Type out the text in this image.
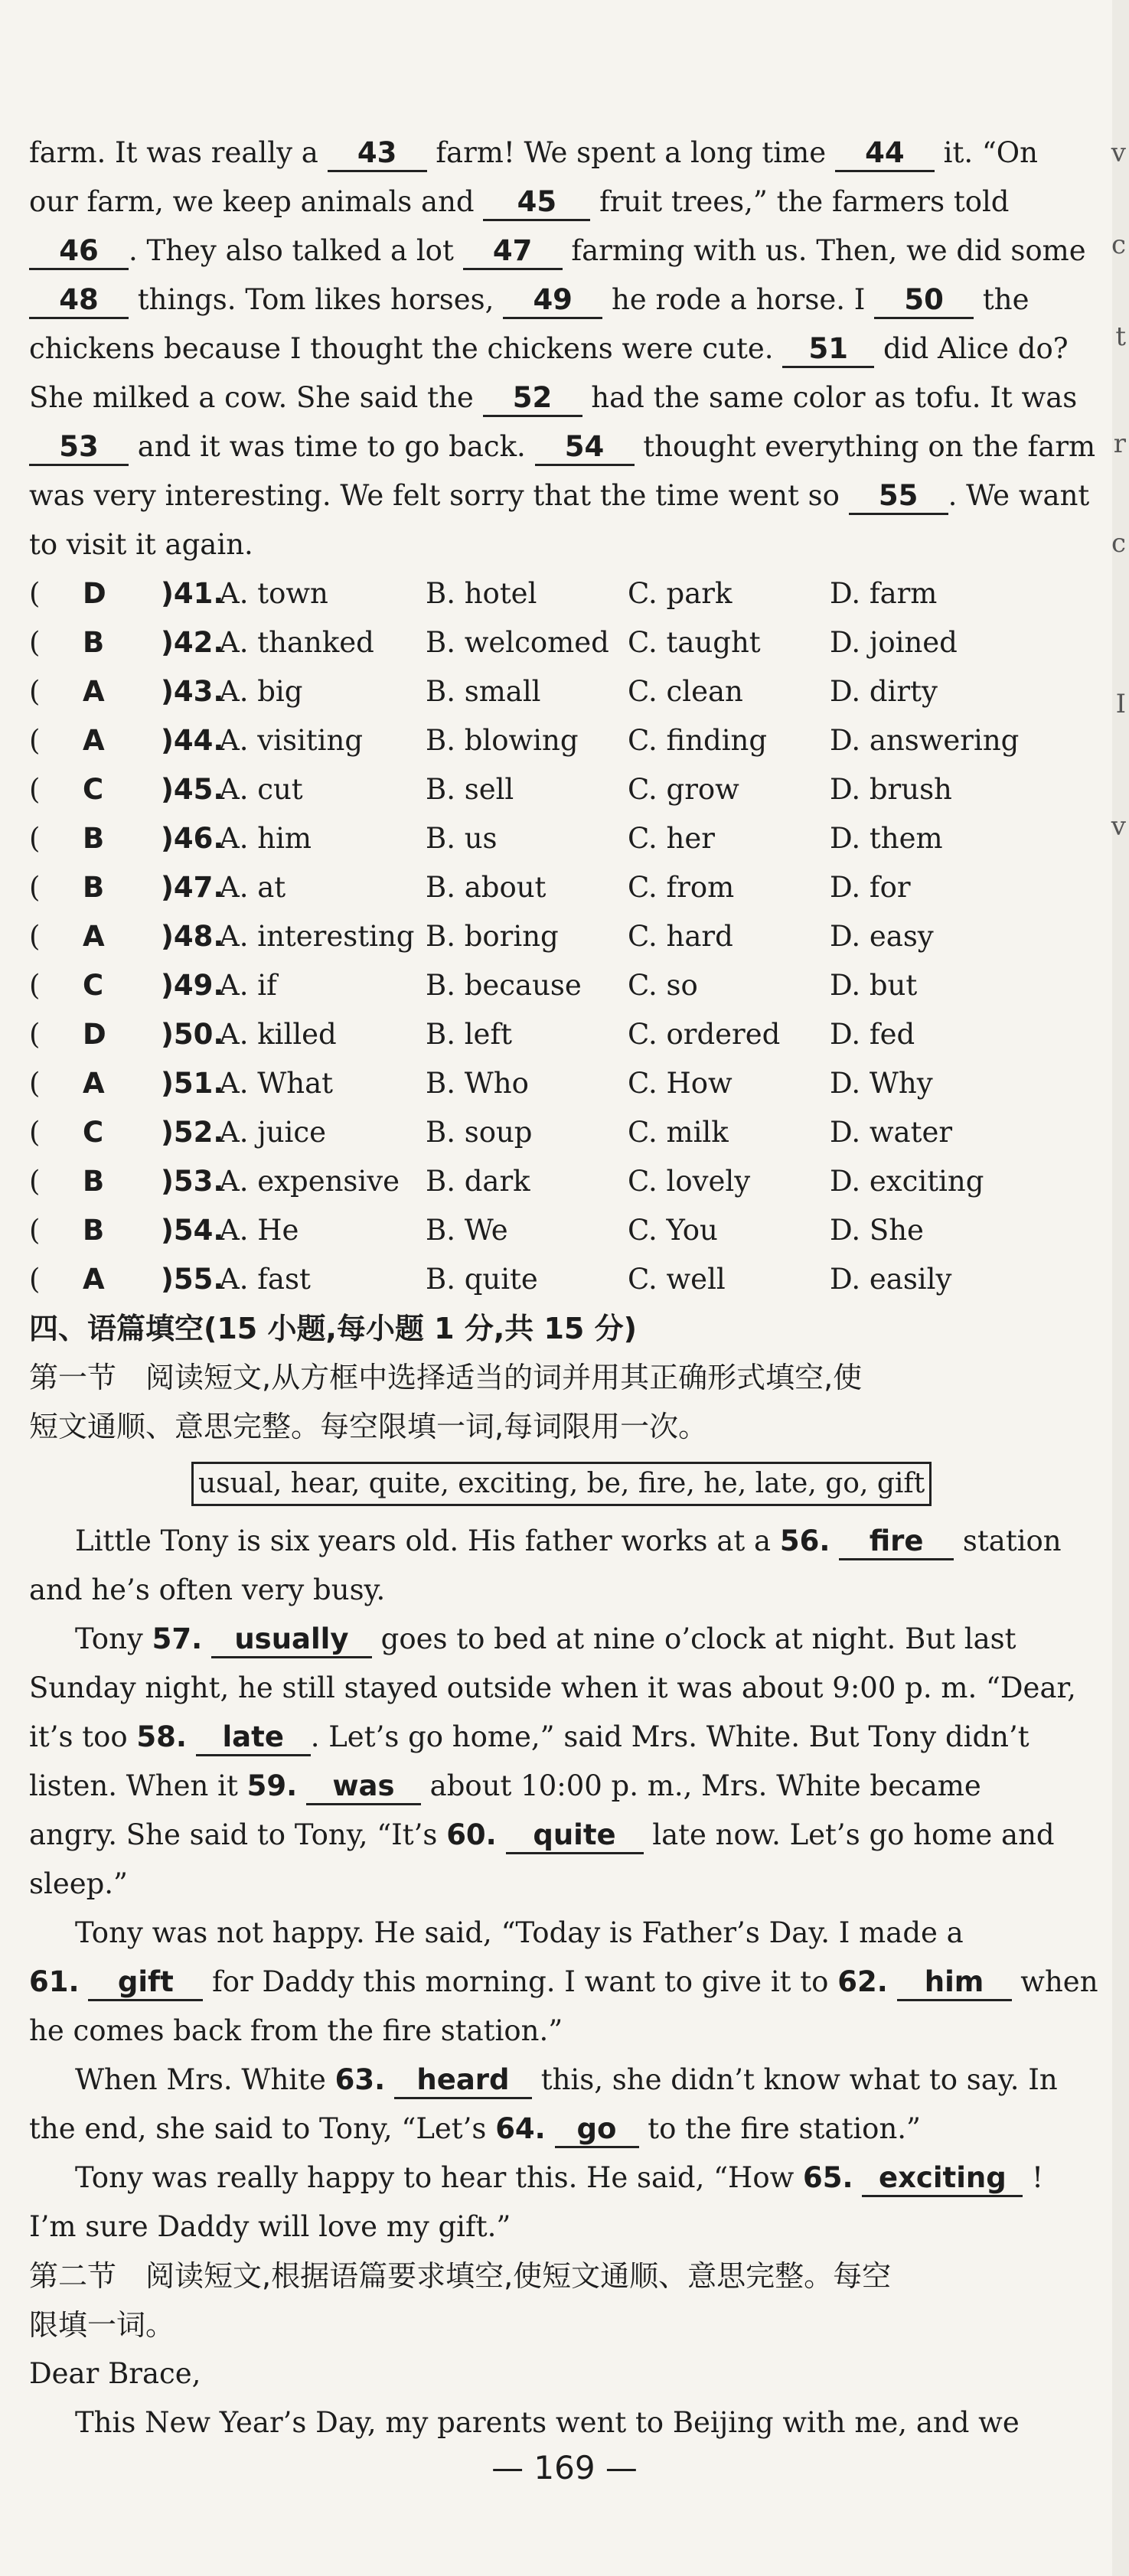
v
c
t
r
c
I
v
farm. It was really a 43 farm! We spent a long time 44 it. “On
our farm, we keep animals and 45 fruit trees,” the farmers told
46 . They also talked a lot 47 farming with us. Then, we did some
48 things. Tom likes horses, 49 he rode a horse. I 50 the
chickens because I thought the chickens were cute. 51 did Alice do?
She milked a cow. She said the 52 had the same color as tofu. It was
53 and it was time to go back. 54 thought everything on the farm
was very interesting. We felt sorry that the time went so 55 . We want
to visit it again.
( D )41.
A. town	B. hotel	C. park	D. farm
( B )42.
A. thanked B. welcomed C. taught D. joined
( A )43.
A. big	B. small	C. clean	D. dirty
( A )44.
A. visiting B. blowing C. finding D. answering
( C )45.
A. cut	B. sell	C. grow	D. brush
( B )46.
A. him	B. us	C. her	D. them
( B )47.
A. at	B. about	C. from	D. for
( A )48.
A. interesting B. boring C. hard	D. easy
( C )49.
A. if	B. because C. so	D. but
( D )50.
A. killed	B. left	C. ordered D. fed
( A )51.
A. What	B. Who	C. How	D. Why
( C )52.
A. juice	B. soup	C. milk	D. water
( B )53.
A. expensive B. dark	C. lovely	D. exciting
( B )54.
A. He	B. We	C. You	D. She
( A )55.
A. fast	B. quite	C. well	D. easily
四、语篇填空(15 小题,每小题 1 分,共 15 分)
第一节　阅读短文,从方框中选择适当的词并用其正确形式填空,使
短文通顺、意思完整。每空限填一词,每词限用一次。
usual, hear, quite, exciting, be, fire, he, late, go, gift
Little Tony is six years old. His father works at a 56. fire station
and he’s often very busy.
Tony 57. usually goes to bed at nine o’clock at night. But last
Sunday night, he still stayed outside when it was about 9:00 p. m. “Dear,
it’s too 58. late . Let’s go home,” said Mrs. White. But Tony didn’t
listen. When it 59. was about 10:00 p. m., Mrs. White became
angry. She said to Tony, “It’s 60. quite late now. Let’s go home and
sleep.”
Tony was not happy. He said, “Today is Father’s Day. I made a
61. gift for Daddy this morning. I want to give it to 62. him when
he comes back from the fire station.”
When Mrs. White 63. heard this, she didn’t know what to say. In
the end, she said to Tony, “Let’s 64. go to the fire station.”
Tony was really happy to hear this. He said, “How 65. exciting !
I’m sure Daddy will love my gift.”
第二节　阅读短文,根据语篇要求填空,使短文通顺、意思完整。每空
限填一词。
Dear Brace,
This New Year’s Day, my parents went to Beijing with me, and we
— 169 —
